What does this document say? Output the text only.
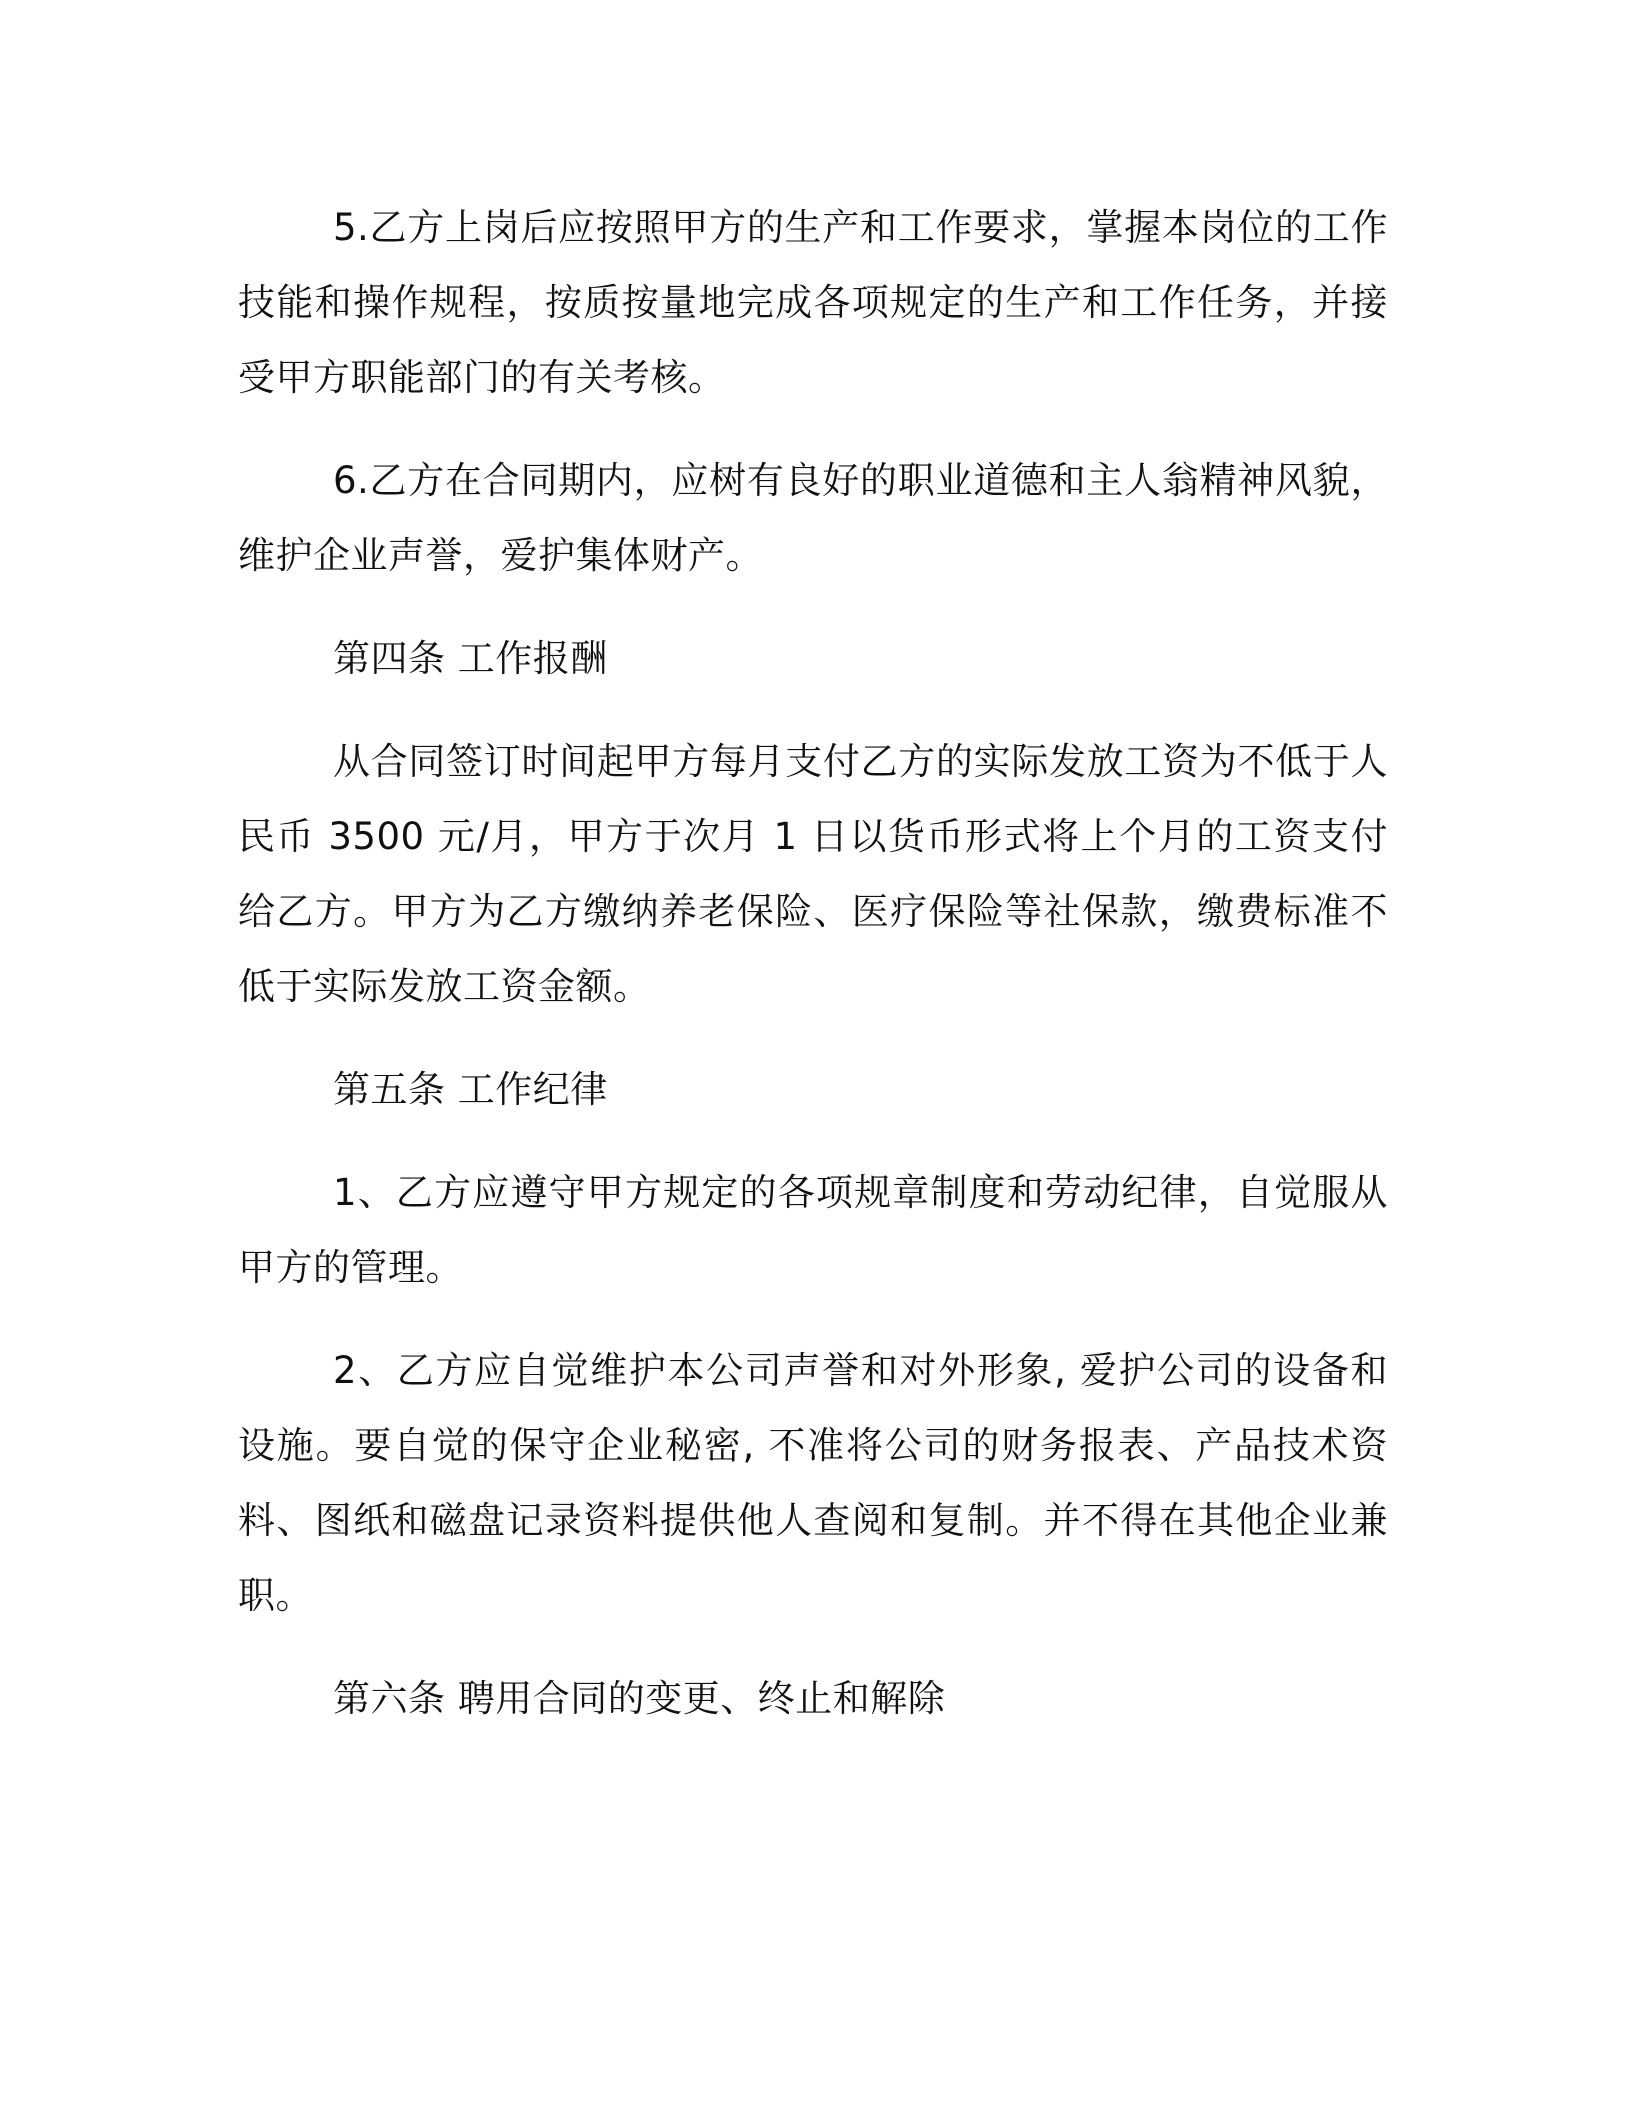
5.乙方上岗后应按照甲方的生产和工作要求，掌握本岗位的工作技能和操作规程，按质按量地完成各项规定的生产和工作任务，并接受甲方职能部门的有关考核。

6.乙方在合同期内，应树有良好的职业道德和主人翁精神风貌，维护企业声誉，爱护集体财产。

第四条 工作报酬

从合同签订时间起甲方每月支付乙方的实际发放工资为不低于人民币 3500 元/月，甲方于次月 1 日以货币形式将上个月的工资支付给乙方。甲方为乙方缴纳养老保险、医疗保险等社保款，缴费标准不低于实际发放工资金额。

第五条 工作纪律

1、乙方应遵守甲方规定的各项规章制度和劳动纪律，自觉服从甲方的管理。

2、乙方应自觉维护本公司声誉和对外形象, 爱护公司的设备和设施。要自觉的保守企业秘密, 不准将公司的财务报表、产品技术资料、图纸和磁盘记录资料提供他人查阅和复制。并不得在其他企业兼职。

第六条 聘用合同的变更、终止和解除
